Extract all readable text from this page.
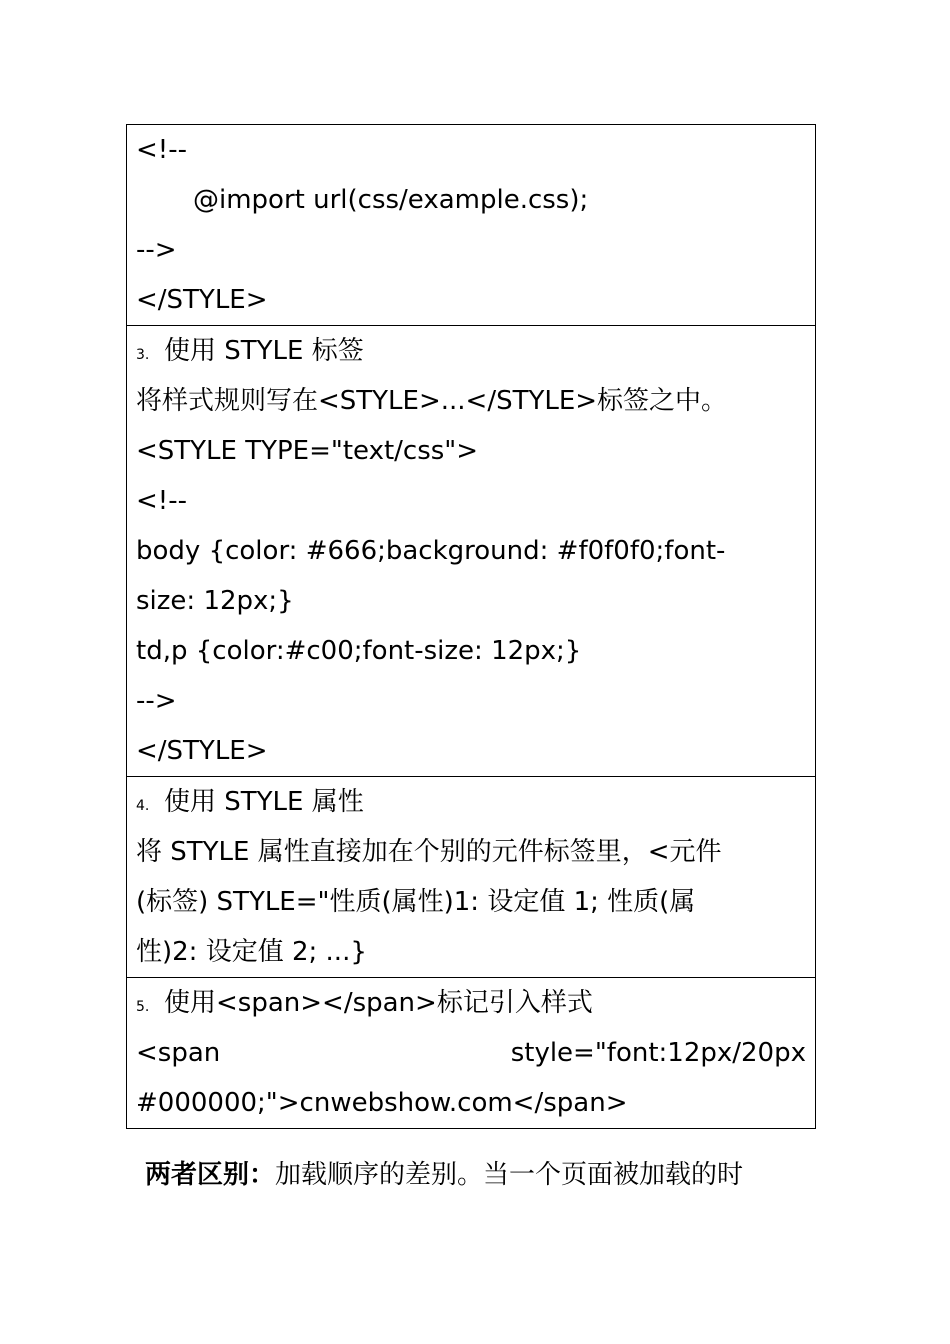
<!--
@import url(css/example.css);
-->
</STYLE>
3. 使用 STYLE 标签
将样式规则写在<STYLE>...</STYLE>标签之中。
<STYLE TYPE="text/css">
<!--
body {color: #666;background: #f0f0f0;font-
size: 12px;}
td,p {color:#c00;font-size: 12px;}
-->
</STYLE>
4. 使用 STYLE 属性
将 STYLE 属性直接加在个别的元件标签里，<元件
(标签) STYLE="性质(属性)1: 设定值 1; 性质(属
性)2: 设定值 2; ...}
5. 使用<span></span>标记引入样式
<span style="font:12px/20px
#000000;">cnwebshow.com</span>
两者区别：加载顺序的差别。当一个页面被加载的时
